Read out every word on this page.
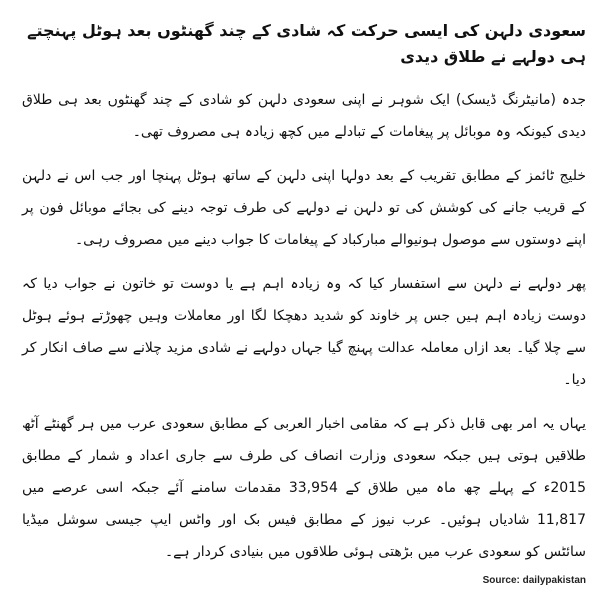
سعودی دلہن کی ایسی حرکت کہ شادی کے چند گھنٹوں بعد ہوٹل پہنچتے ہی دولہے نے طلاق دیدی

جدہ (مانیٹرنگ ڈیسک) ایک شوہر نے اپنی سعودی دلہن کو شادی کے چند گھنٹوں بعد ہی طلاق دیدی کیونکہ وہ موبائل پر پیغامات کے تبادلے میں کچھ زیادہ ہی مصروف تھی۔

خلیج ٹائمز کے مطابق تقریب کے بعد دولہا اپنی دلہن کے ساتھ ہوٹل پہنچا اور جب اس نے دلہن کے قریب جانے کی کوشش کی تو دلہن نے دولہے کی طرف توجہ دینے کی بجائے موبائل فون پر اپنے دوستوں سے موصول ہونیوالے مبارکباد کے پیغامات کا جواب دینے میں مصروف رہی۔

پھر دولہے نے دلہن سے استفسار کیا کہ وہ زیادہ اہم ہے یا دوست تو خاتون نے جواب دیا کہ دوست زیادہ اہم ہیں جس پر خاوند کو شدید دھچکا لگا اور معاملات وہیں چھوڑتے ہوئے ہوٹل سے چلا گیا۔ بعد ازاں معاملہ عدالت پہنچ گیا جہاں دولہے نے شادی مزید چلانے سے صاف انکار کر دیا۔

یہاں یہ امر بھی قابل ذکر ہے کہ مقامی اخبار العربی کے مطابق سعودی عرب میں ہر گھنٹے آٹھ طلاقیں ہوتی ہیں جبکہ سعودی وزارت انصاف کی طرف سے جاری اعداد و شمار کے مطابق 2015ء کے پہلے چھ ماہ میں طلاق کے 33,954 مقدمات سامنے آئے جبکہ اسی عرصے میں 11,817 شادیاں ہوئیں۔ عرب نیوز کے مطابق فیس بک اور واٹس ایپ جیسی سوشل میڈیا سائٹس کو سعودی عرب میں بڑھتی ہوئی طلاقوں میں بنیادی کردار ہے۔

Source: dailypakistan
